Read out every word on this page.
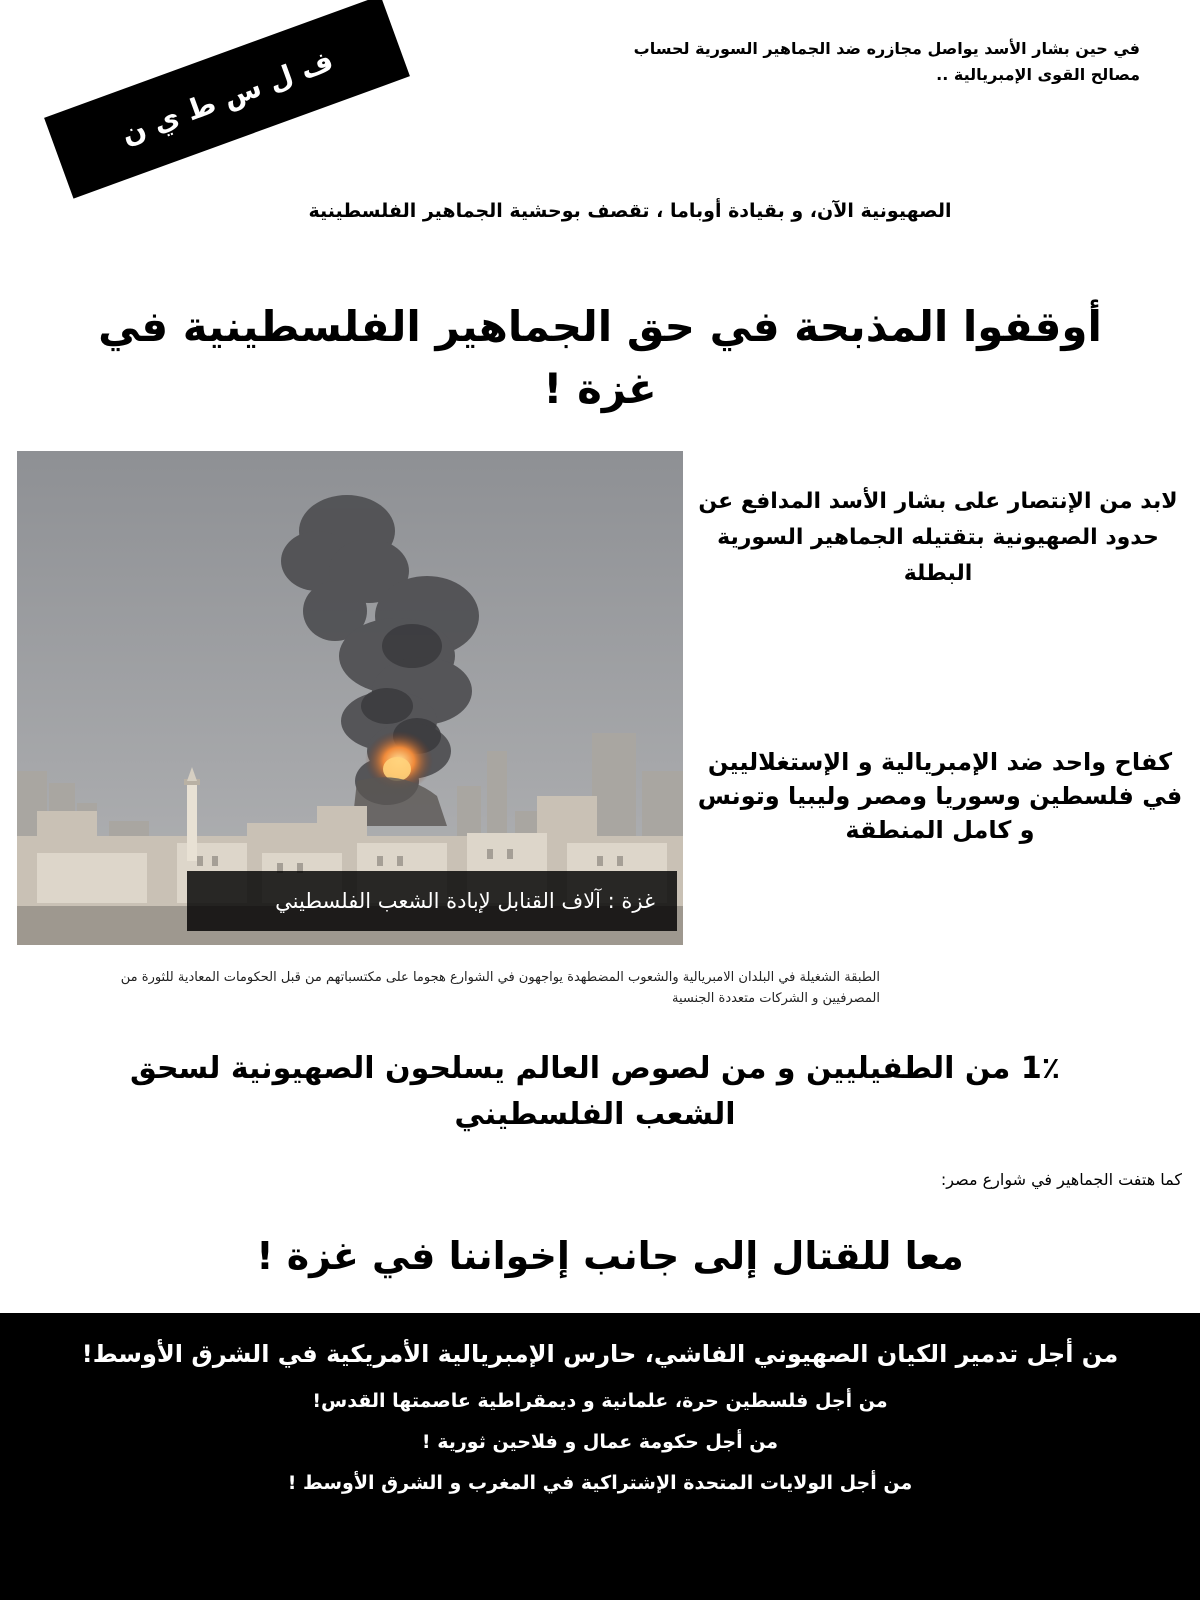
ف ل س ط ي ن	في حين بشار الأسد يواصل مجازره ضد الجماهير السورية لحساب مصالح القوى الإمبريالية ..
الصهيونية الآن، و بقيادة أوباما ، تقصف بوحشية الجماهير الفلسطينية
أوقفوا المذبحة في حق الجماهير الفلسطينية في غزة !
غزة : آلاف القنابل لإبادة الشعب الفلسطيني
لابد من الإنتصار على بشار الأسد المدافع عن حدود الصهيونية بتقتيله الجماهير السورية البطلة
كفاح واحد ضد الإمبريالية و الإستغلاليين في فلسطين وسوريا ومصر وليبيا وتونس و كامل المنطقة
الطبقة الشغيلة في البلدان الامبريالية والشعوب المضطهدة يواجهون في الشوارع هجوما على مكتسباتهم من قبل الحكومات المعادية للثورة من المصرفيين و الشركات متعددة الجنسية
1٪ من الطفيليين و من لصوص العالم يسلحون الصهيونية لسحق الشعب الفلسطيني
كما هتفت الجماهير في شوارع مصر:
معا للقتال إلى جانب إخواننا في غزة !
من أجل تدمير الكيان الصهيوني الفاشي، حارس الإمبريالية الأمريكية في الشرق الأوسط!
من أجل فلسطين حرة، علمانية و ديمقراطية عاصمتها القدس!
من أجل حكومة عمال و فلاحين ثورية !
من أجل الولايات المتحدة الإشتراكية في المغرب و الشرق الأوسط !
